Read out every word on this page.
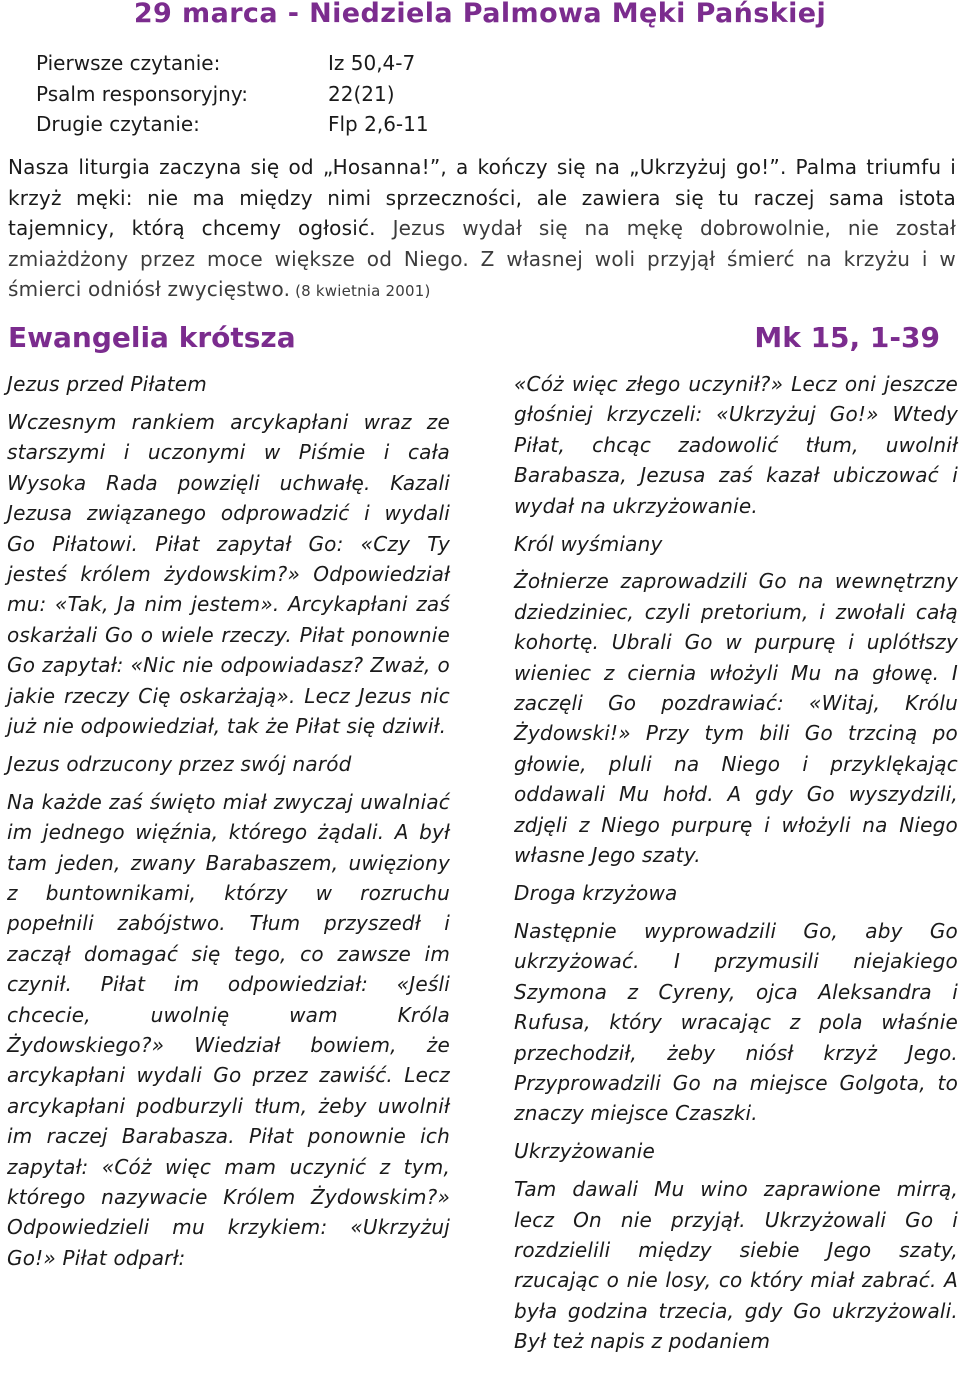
29 marca - Niedziela Palmowa Męki Pańskiej
Pierwsze czytanie:	Iz 50,4-7
Psalm responsoryjny:	22(21)
Drugie czytanie:	Flp 2,6-11
Nasza liturgia zaczyna się od „Hosanna!”, a kończy się na „Ukrzyżuj go!”. Palma triumfu i krzyż męki: nie ma między nimi sprzeczności, ale zawiera się tu raczej sama istota tajemnicy, którą chcemy ogłosić. Jezus wydał się na mękę dobrowolnie, nie został zmiażdżony przez moce większe od Niego. Z własnej woli przyjął śmierć na krzyżu i w śmierci odniósł zwycięstwo. (8 kwietnia 2001)
Ewangelia krótsza	Mk 15, 1-39
Jezus przed Piłatem

Wczesnym rankiem arcykapłani wraz ze starszymi i uczonymi w Piśmie i cała Wysoka Rada powzięli uchwałę. Kazali Jezusa związanego odprowadzić i wydali Go Piłatowi. Piłat zapytał Go: «Czy Ty jesteś królem żydowskim?» Odpowiedział mu: «Tak, Ja nim jestem». Arcykapłani zaś oskarżali Go o wiele rzeczy. Piłat ponownie Go zapytał: «Nic nie odpowiadasz? Zważ, o jakie rzeczy Cię oskarżają». Lecz Jezus nic już nie odpowiedział, tak że Piłat się dziwił.

Jezus odrzucony przez swój naród

Na każde zaś święto miał zwyczaj uwalniać im jednego więźnia, którego żądali. A był tam jeden, zwany Barabaszem, uwięziony z buntownikami, którzy w rozruchu popełnili zabójstwo. Tłum przyszedł i zaczął domagać się tego, co zawsze im czynił. Piłat im odpowiedział: «Jeśli chcecie, uwolnię wam Króla Żydowskiego?» Wiedział bowiem, że arcykapłani wydali Go przez zawiść. Lecz arcykapłani podburzyli tłum, żeby uwolnił im raczej Barabasza. Piłat ponownie ich zapytał: «Cóż więc mam uczynić z tym, którego nazywacie Królem Żydowskim?» Odpowiedzieli mu krzykiem: «Ukrzyżuj Go!» Piłat odparł:

«Cóż więc złego uczynił?» Lecz oni jeszcze głośniej krzyczeli: «Ukrzyżuj Go!» Wtedy Piłat, chcąc zadowolić tłum, uwolnił Barabasza, Jezusa zaś kazał ubiczować i wydał na ukrzyżowanie.

Król wyśmiany

Żołnierze zaprowadzili Go na wewnętrzny dziedziniec, czyli pretorium, i zwołali całą kohortę. Ubrali Go w purpurę i uplótłszy wieniec z ciernia włożyli Mu na głowę. I zaczęli Go pozdrawiać: «Witaj, Królu Żydowski!» Przy tym bili Go trzciną po głowie, pluli na Niego i przyklękając oddawali Mu hołd. A gdy Go wyszydzili, zdjęli z Niego purpurę i włożyli na Niego własne Jego szaty.

Droga krzyżowa

Następnie wyprowadzili Go, aby Go ukrzyżować. I przymusili niejakiego Szymona z Cyreny, ojca Aleksandra i Rufusa, który wracając z pola właśnie przechodził, żeby niósł krzyż Jego. Przyprowadzili Go na miejsce Golgota, to znaczy miejsce Czaszki.

Ukrzyżowanie

Tam dawali Mu wino zaprawione mirrą, lecz On nie przyjął. Ukrzyżowali Go i rozdzielili między siebie Jego szaty, rzucając o nie losy, co który miał zabrać. A była godzina trzecia, gdy Go ukrzyżowali. Był też napis z podaniem
